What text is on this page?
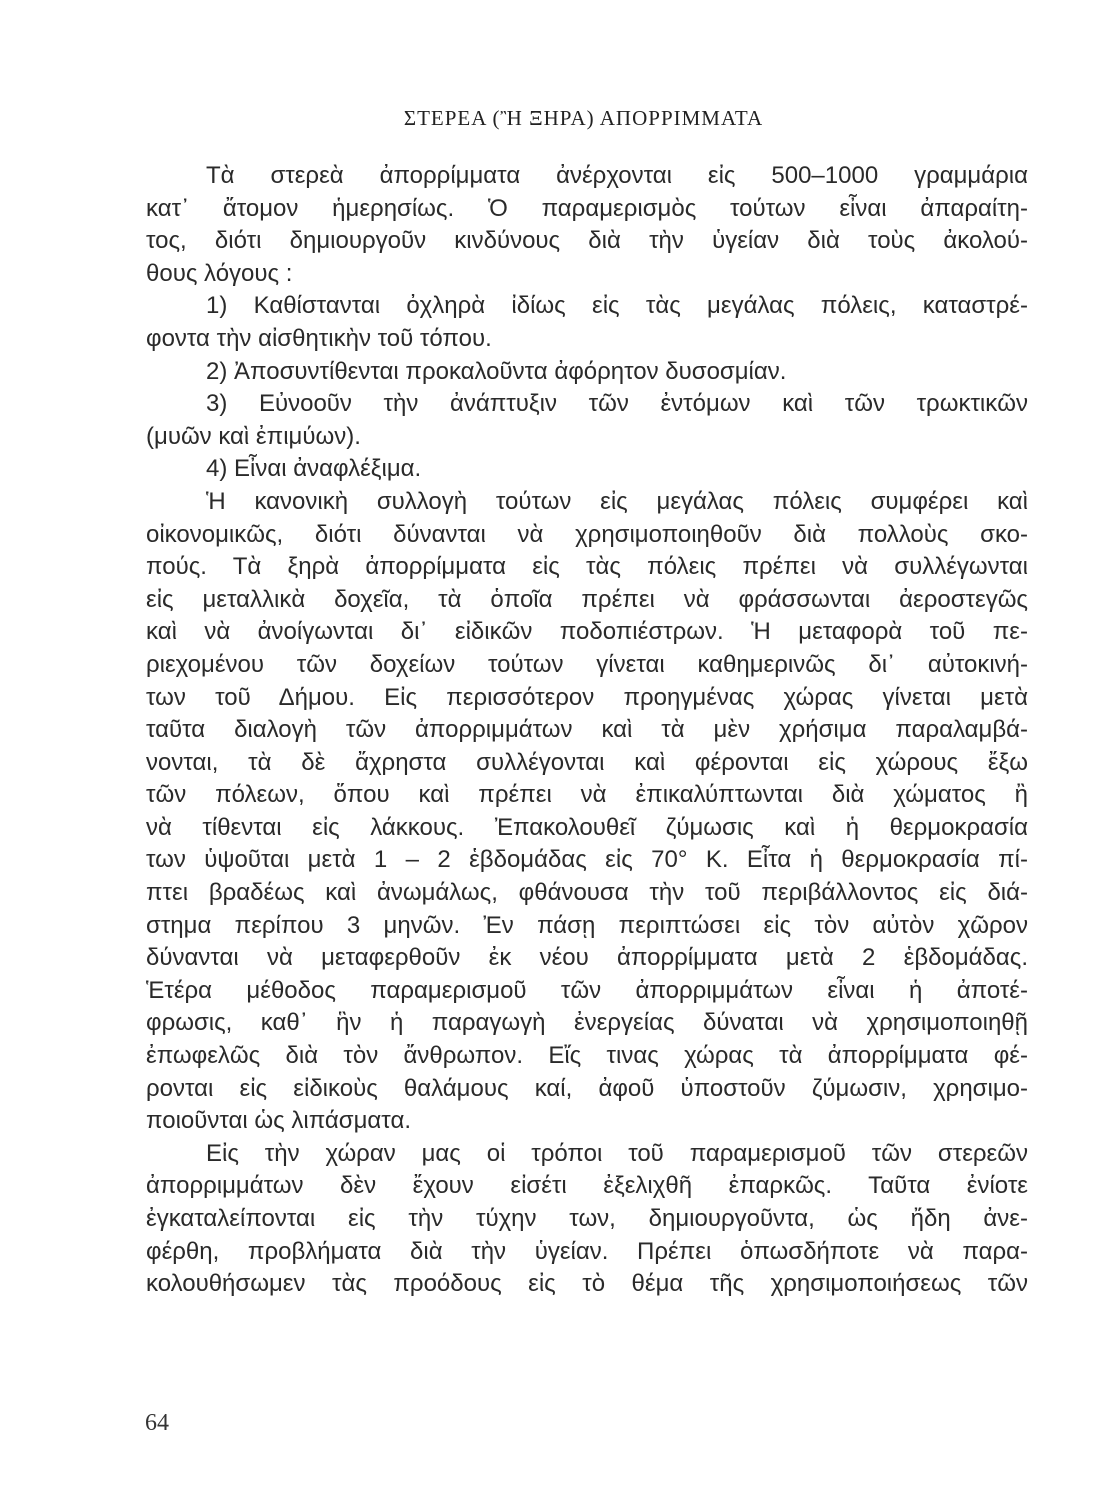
ΣΤΕΡΕΑ (Ἢ ΞΗΡΑ) ΑΠΟΡΡΙΜΜΑΤΑ
Τὰ στερεὰ ἀπορρίμματα ἀνέρχονται εἰς 500–1000 γραμμάρια
κατ᾽ ἄτομον ἡμερησίως. Ὁ παραμερισμὸς τούτων εἶναι ἀπαραίτη-
τος, διότι δημιουργοῦν κινδύνους διὰ τὴν ὑγείαν διὰ τοὺς ἀκολού-
θους λόγους :
1) Καθίστανται ὀχληρὰ ἰδίως εἰς τὰς μεγάλας πόλεις, καταστρέ-
φοντα τὴν αἰσθητικὴν τοῦ τόπου.
2) Ἀποσυντίθενται προκαλοῦντα ἀφόρητον δυσοσμίαν.
3) Εὐνοοῦν τὴν ἀνάπτυξιν τῶν ἐντόμων καὶ τῶν τρωκτικῶν
(μυῶν καὶ ἐπιμύων).
4) Εἶναι ἀναφλέξιμα.
Ἡ κανονικὴ συλλογὴ τούτων εἰς μεγάλας πόλεις συμφέρει καὶ
οἰκονομικῶς, διότι δύνανται νὰ χρησιμοποιηθοῦν διὰ πολλοὺς σκο-
πούς. Τὰ ξηρὰ ἀπορρίμματα εἰς τὰς πόλεις πρέπει νὰ συλλέγωνται
εἰς μεταλλικὰ δοχεῖα, τὰ ὁποῖα πρέπει νὰ φράσσωνται ἀεροστεγῶς
καὶ νὰ ἀνοίγωνται δι᾽ εἰδικῶν ποδοπιέστρων. Ἡ μεταφορὰ τοῦ πε-
ριεχομένου τῶν δοχείων τούτων γίνεται καθημερινῶς δι᾽ αὐτοκινή-
των τοῦ Δήμου. Εἰς περισσότερον προηγμένας χώρας γίνεται μετὰ
ταῦτα διαλογὴ τῶν ἀπορριμμάτων καὶ τὰ μὲν χρήσιμα παραλαμβά-
νονται, τὰ δὲ ἄχρηστα συλλέγονται καὶ φέρονται εἰς χώρους ἔξω
τῶν πόλεων, ὅπου καὶ πρέπει νὰ ἐπικαλύπτωνται διὰ χώματος ἢ
νὰ τίθενται εἰς λάκκους. Ἐπακολουθεῖ ζύμωσις καὶ ἡ θερμοκρασία
των ὑψοῦται μετὰ 1 – 2 ἑβδομάδας εἰς 70° Κ. Εἶτα ἡ θερμοκρασία πί-
πτει βραδέως καὶ ἀνωμάλως, φθάνουσα τὴν τοῦ περιβάλλοντος εἰς διά-
στημα περίπου 3 μηνῶν. Ἐν πάσῃ περιπτώσει εἰς τὸν αὐτὸν χῶρον
δύνανται νὰ μεταφερθοῦν ἐκ νέου ἀπορρίμματα μετὰ 2 ἑβδομάδας.
Ἑτέρα μέθοδος παραμερισμοῦ τῶν ἀπορριμμάτων εἶναι ἡ ἀποτέ-
φρωσις, καθ᾽ ἣν ἡ παραγωγὴ ἐνεργείας δύναται νὰ χρησιμοποιηθῇ
ἐπωφελῶς διὰ τὸν ἄνθρωπον. Εἴς τινας χώρας τὰ ἀπορρίμματα φέ-
ρονται εἰς εἰδικοὺς θαλάμους καί, ἀφοῦ ὑποστοῦν ζύμωσιν, χρησιμο-
ποιοῦνται ὡς λιπάσματα.
Εἰς τὴν χώραν μας οἱ τρόποι τοῦ παραμερισμοῦ τῶν στερεῶν
ἀπορριμμάτων δὲν ἔχουν εἰσέτι ἐξελιχθῆ ἐπαρκῶς. Ταῦτα ἐνίοτε
ἐγκαταλείπονται εἰς τὴν τύχην των, δημιουργοῦντα, ὡς ἤδη ἀνε-
φέρθη, προβλήματα διὰ τὴν ὑγείαν. Πρέπει ὁπωσδήποτε νὰ παρα-
κολουθήσωμεν τὰς προόδους εἰς τὸ θέμα τῆς χρησιμοποιήσεως τῶν
64
